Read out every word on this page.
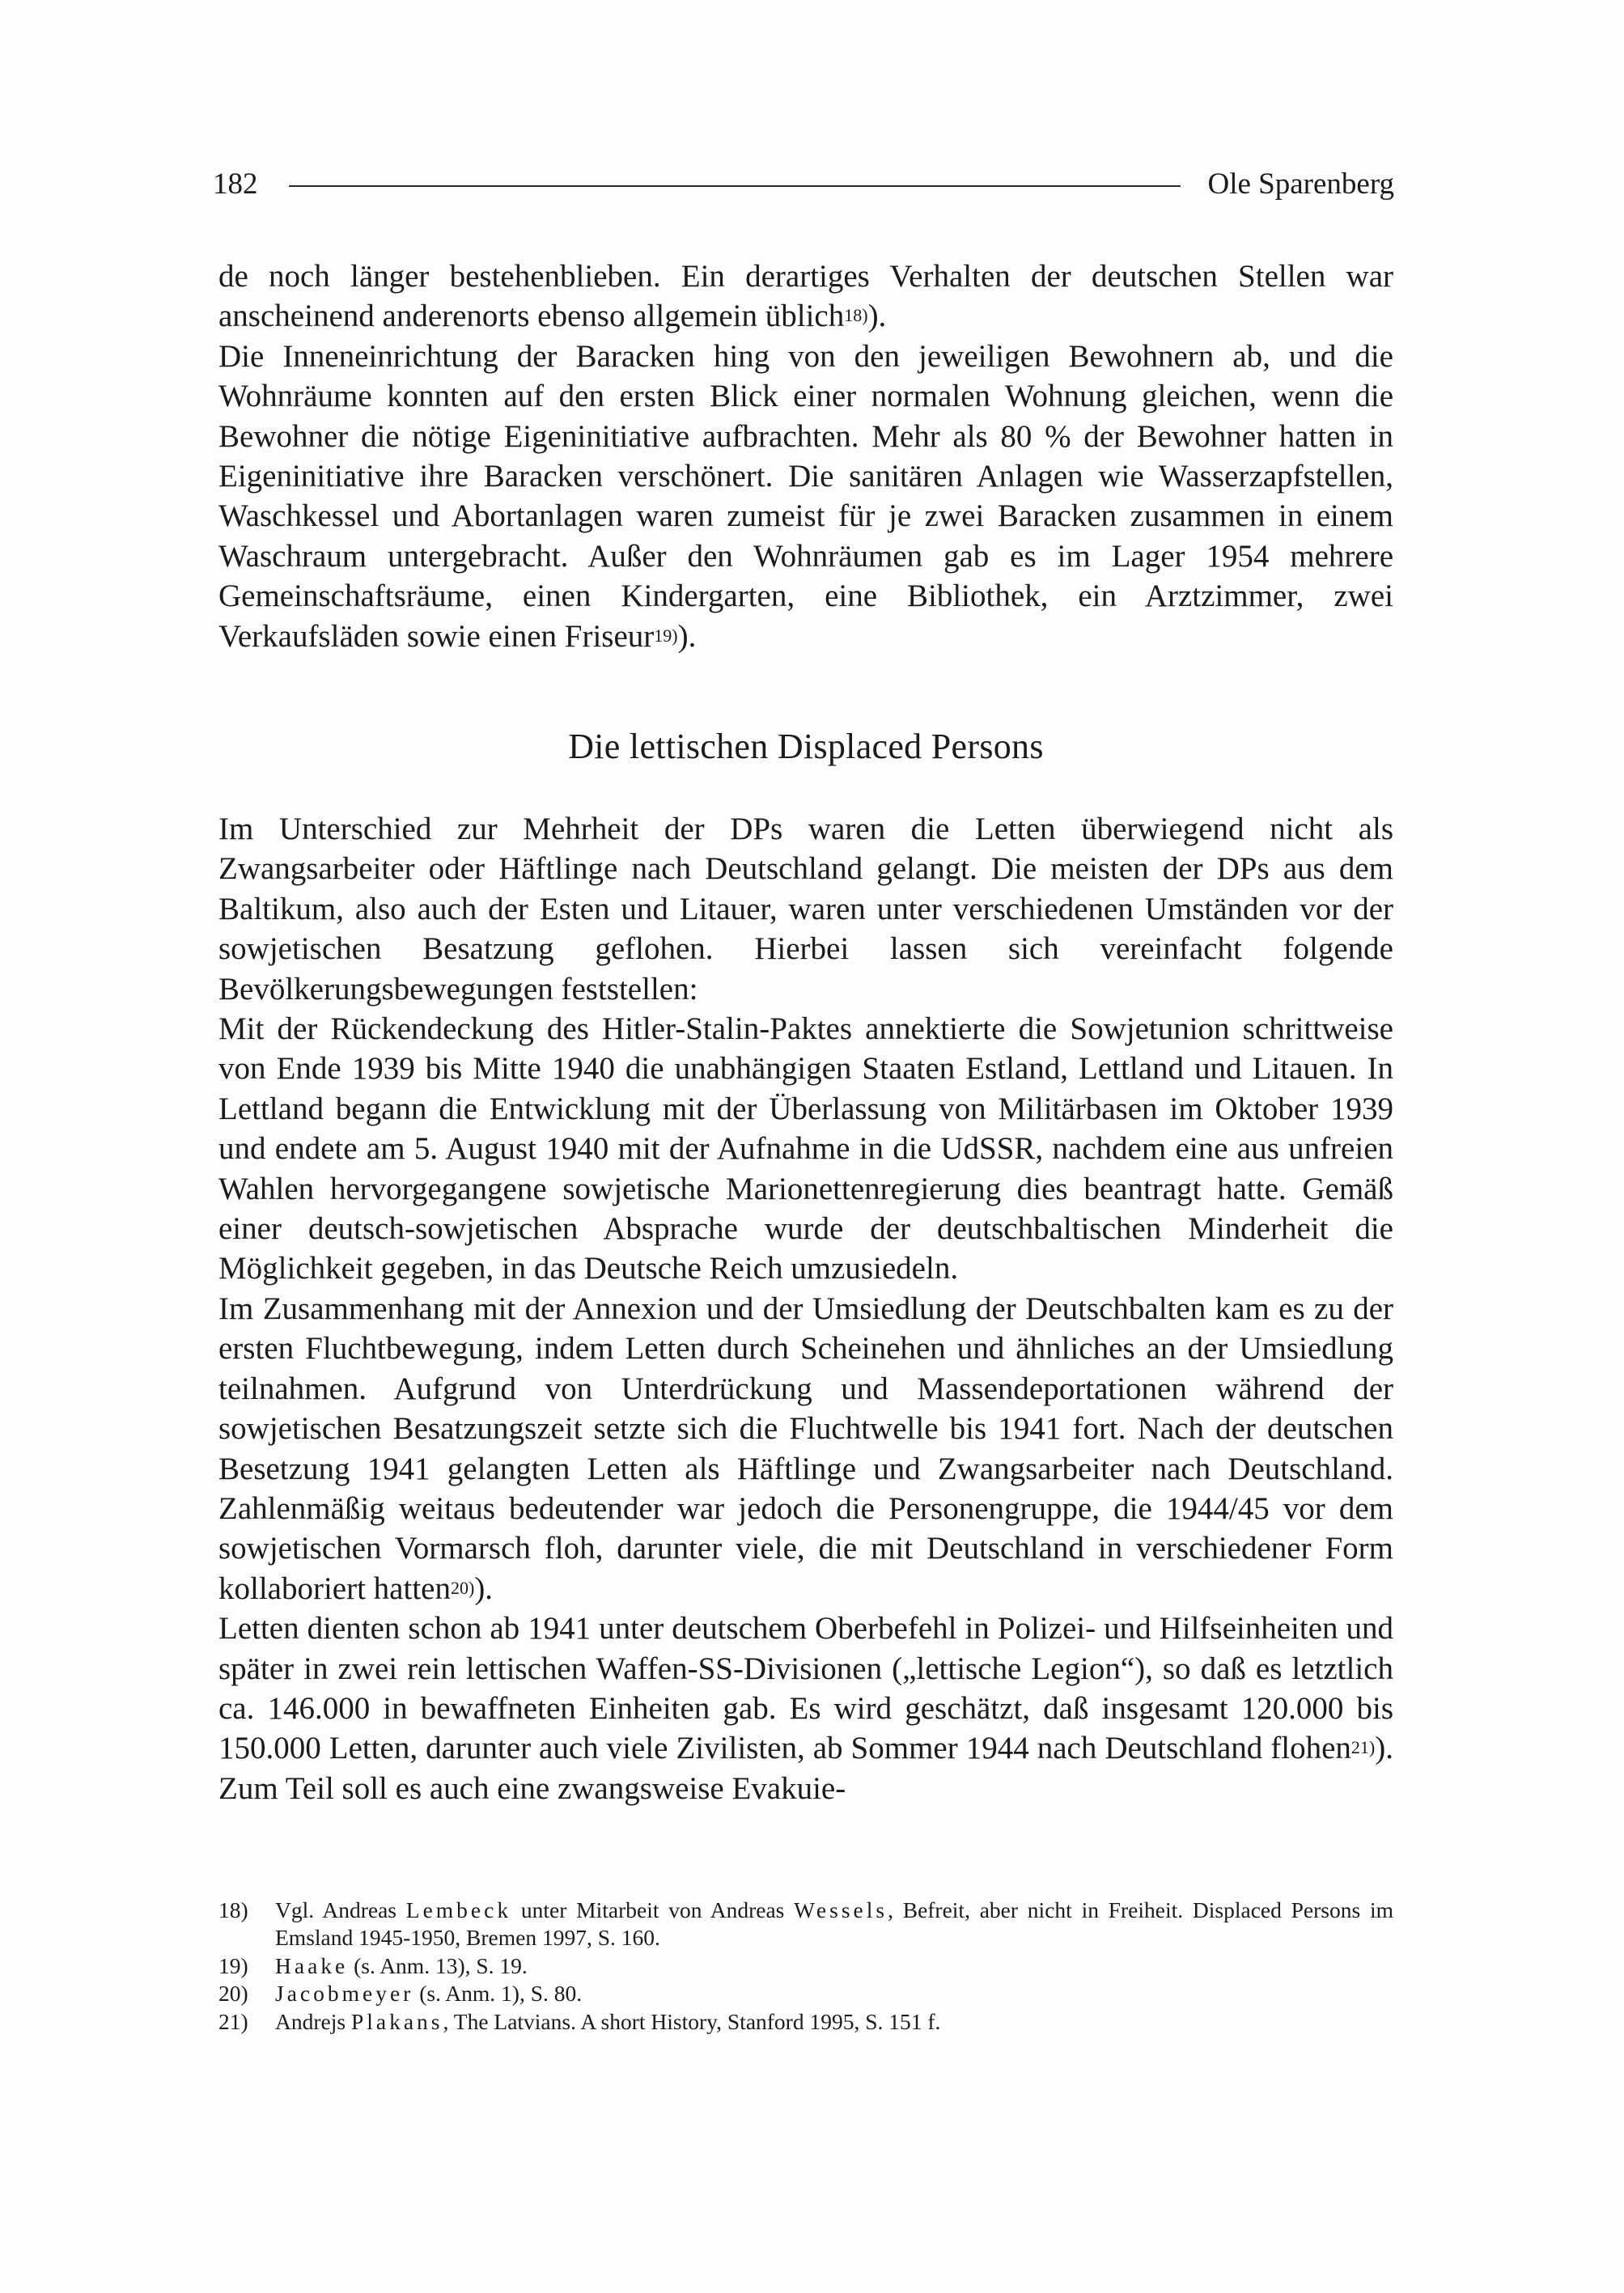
182	Ole Sparenberg

de noch länger bestehenblieben. Ein derartiges Verhalten der deutschen Stellen war anscheinend anderenorts ebenso allgemein üblich$^{18)}$).

Die Inneneinrichtung der Baracken hing von den jeweiligen Bewohnern ab, und die Wohnräume konnten auf den ersten Blick einer normalen Wohnung gleichen, wenn die Bewohner die nötige Eigeninitiative aufbrachten. Mehr als 80 % der Bewohner hatten in Eigeninitiative ihre Baracken verschönert. Die sanitären Anlagen wie Wasserzapfstellen, Waschkessel und Abortanlagen waren zumeist für je zwei Baracken zusammen in einem Waschraum untergebracht. Außer den Wohnräumen gab es im Lager 1954 mehrere Gemeinschaftsräume, einen Kindergarten, eine Bibliothek, ein Arztzimmer, zwei Verkaufsläden sowie einen Friseur$^{19)}$).

Die lettischen Displaced Persons

Im Unterschied zur Mehrheit der DPs waren die Letten überwiegend nicht als Zwangsarbeiter oder Häftlinge nach Deutschland gelangt. Die meisten der DPs aus dem Baltikum, also auch der Esten und Litauer, waren unter verschiedenen Umständen vor der sowjetischen Besatzung geflohen. Hierbei lassen sich vereinfacht folgende Bevölkerungsbewegungen feststellen:

Mit der Rückendeckung des Hitler-Stalin-Paktes annektierte die Sowjetunion schrittweise von Ende 1939 bis Mitte 1940 die unabhängigen Staaten Estland, Lettland und Litauen. In Lettland begann die Entwicklung mit der Überlassung von Militärbasen im Oktober 1939 und endete am 5. August 1940 mit der Aufnahme in die UdSSR, nachdem eine aus unfreien Wahlen hervorgegangene sowjetische Marionettenregierung dies beantragt hatte. Gemäß einer deutsch-sowjetischen Absprache wurde der deutschbaltischen Minderheit die Möglichkeit gegeben, in das Deutsche Reich umzusiedeln.

Im Zusammenhang mit der Annexion und der Umsiedlung der Deutschbalten kam es zu der ersten Fluchtbewegung, indem Letten durch Scheinehen und ähnliches an der Umsiedlung teilnahmen. Aufgrund von Unterdrückung und Massendeportationen während der sowjetischen Besatzungszeit setzte sich die Fluchtwelle bis 1941 fort. Nach der deutschen Besetzung 1941 gelangten Letten als Häftlinge und Zwangsarbeiter nach Deutschland. Zahlenmäßig weitaus bedeutender war jedoch die Personengruppe, die 1944/45 vor dem sowjetischen Vormarsch floh, darunter viele, die mit Deutschland in verschiedener Form kollaboriert hatten$^{20)}$).

Letten dienten schon ab 1941 unter deutschem Oberbefehl in Polizei- und Hilfseinheiten und später in zwei rein lettischen Waffen-SS-Divisionen („lettische Legion“), so daß es letztlich ca. 146.000 in bewaffneten Einheiten gab. Es wird geschätzt, daß insgesamt 120.000 bis 150.000 Letten, darunter auch viele Zivilisten, ab Sommer 1944 nach Deutschland flohen$^{21)}$). Zum Teil soll es auch eine zwangsweise Evakuie-

18)	Vgl. Andreas Lembeck unter Mitarbeit von Andreas Wessels, Befreit, aber nicht in Freiheit. Displaced Persons im Emsland 1945-1950, Bremen 1997, S. 160.
19)	Haake (s. Anm. 13), S. 19.
20)	Jacobmeyer (s. Anm. 1), S. 80.
21)	Andrejs Plakans, The Latvians. A short History, Stanford 1995, S. 151 f.
